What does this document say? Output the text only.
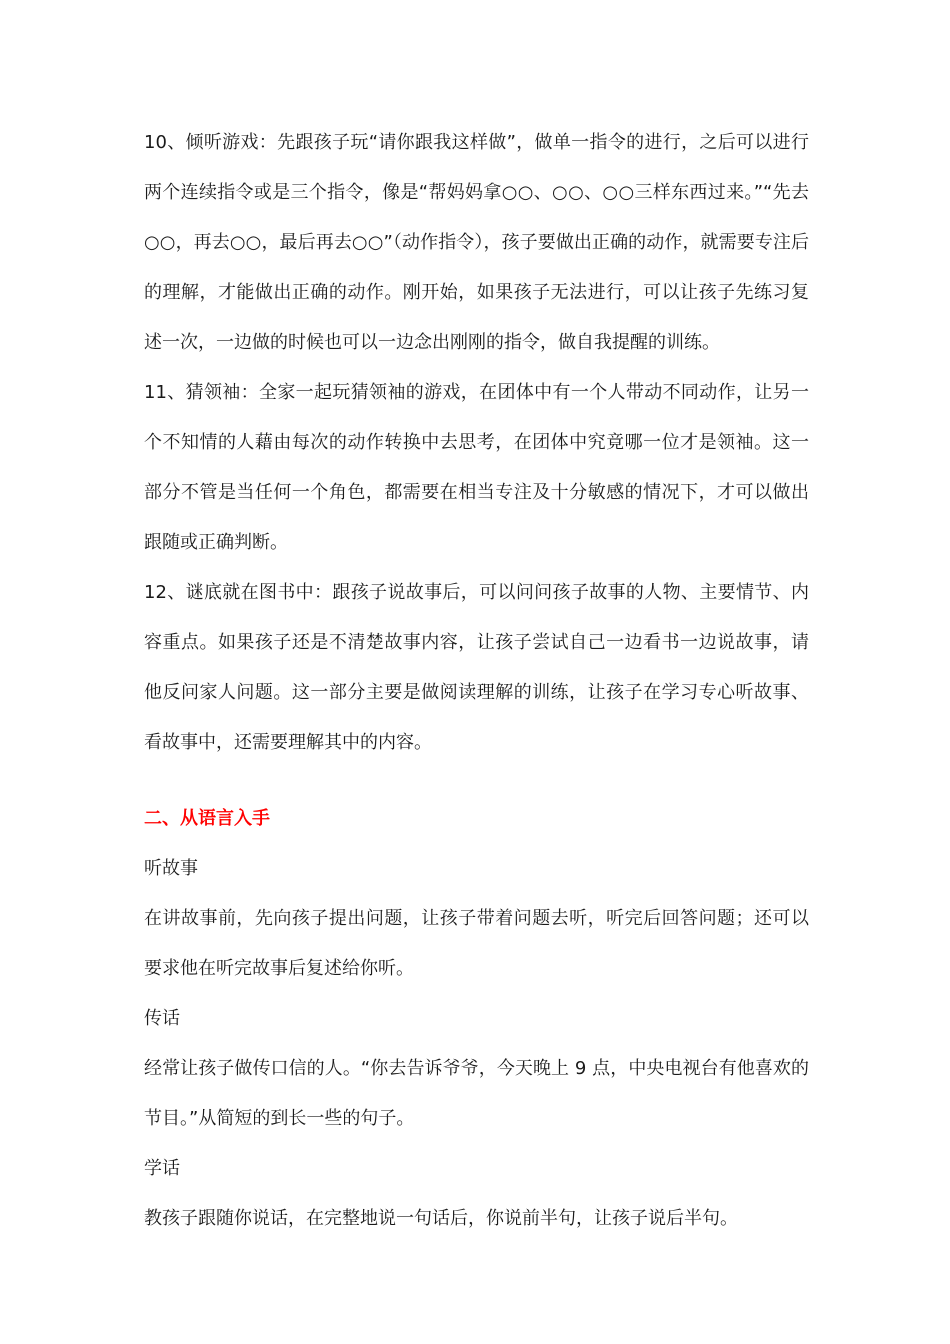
10、倾听游戏：先跟孩子玩“请你跟我这样做”，做单一指令的进行，之后可以进行两个连续指令或是三个指令，像是“帮妈妈拿○○、○○、○○三样东西过来。”“先去○○，再去○○，最后再去○○”（动作指令），孩子要做出正确的动作，就需要专注后的理解，才能做出正确的动作。刚开始，如果孩子无法进行，可以让孩子先练习复述一次，一边做的时候也可以一边念出刚刚的指令，做自我提醒的训练。

11、猜领袖：全家一起玩猜领袖的游戏，在团体中有一个人带动不同动作，让另一个不知情的人藉由每次的动作转换中去思考，在团体中究竟哪一位才是领袖。这一部分不管是当任何一个角色，都需要在相当专注及十分敏感的情况下，才可以做出跟随或正确判断。

12、谜底就在图书中：跟孩子说故事后，可以问问孩子故事的人物、主要情节、内容重点。如果孩子还是不清楚故事内容，让孩子尝试自己一边看书一边说故事，请他反问家人问题。这一部分主要是做阅读理解的训练，让孩子在学习专心听故事、看故事中，还需要理解其中的内容。

二、从语言入手
听故事

在讲故事前，先向孩子提出问题，让孩子带着问题去听，听完后回答问题；还可以要求他在听完故事后复述给你听。

传话

经常让孩子做传口信的人。“你去告诉爷爷，今天晚上 9 点，中央电视台有他喜欢的节目。”从简短的到长一些的句子。

学话

教孩子跟随你说话，在完整地说一句话后，你说前半句，让孩子说后半句。
